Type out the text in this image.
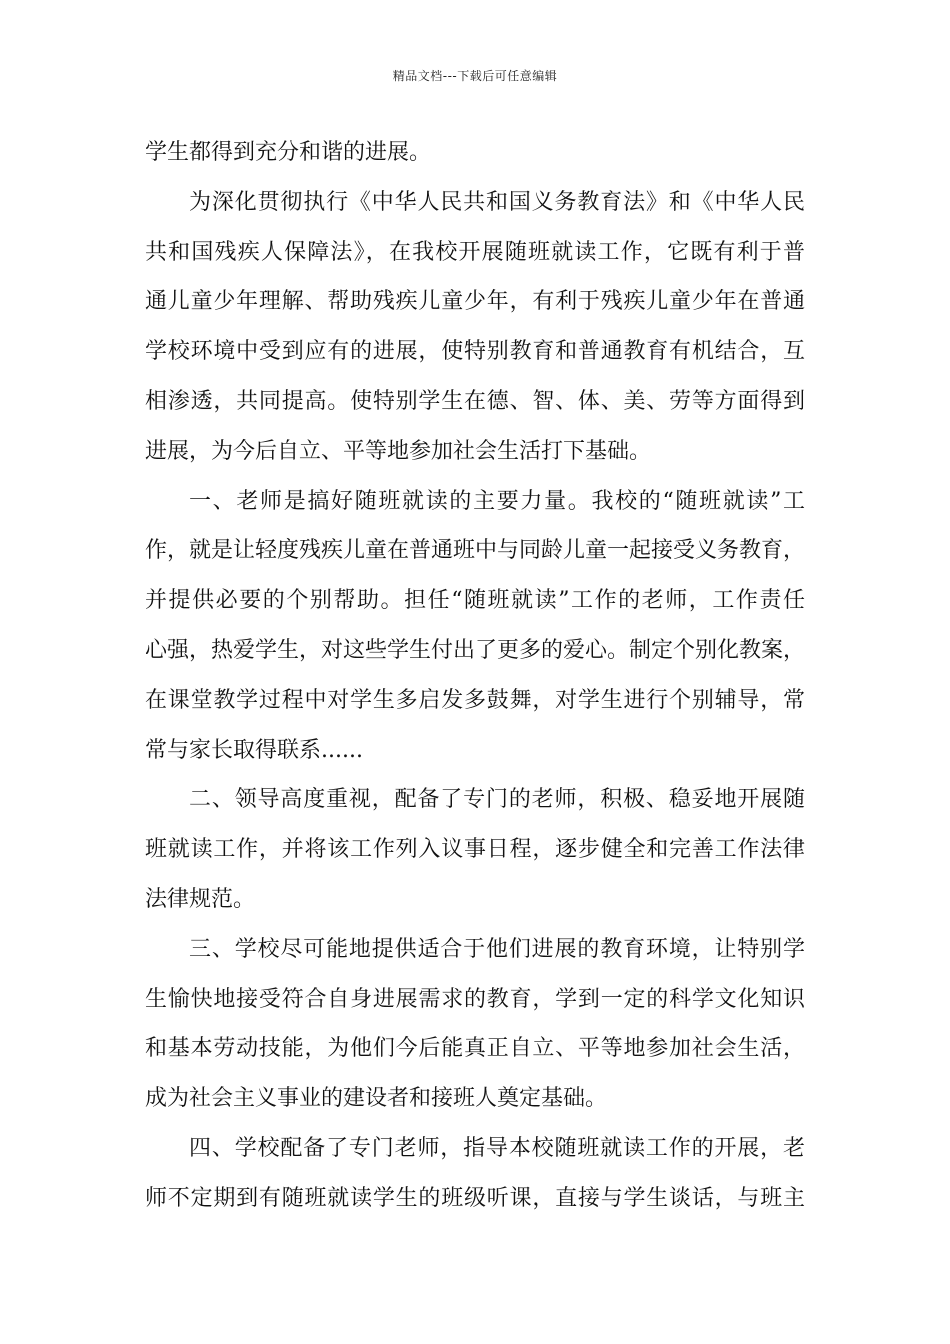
精品文档---下载后可任意编辑
学生都得到充分和谐的进展。
为深化贯彻执行《中华人民共和国义务教育法》和《中华人民
共和国残疾人保障法》，在我校开展随班就读工作，它既有利于普
通儿童少年理解、帮助残疾儿童少年，有利于残疾儿童少年在普通
学校环境中受到应有的进展，使特别教育和普通教育有机结合，互
相渗透，共同提高。使特别学生在德、智、体、美、劳等方面得到
进展，为今后自立、平等地参加社会生活打下基础。
一、老师是搞好随班就读的主要力量。我校的“随班就读”工
作，就是让轻度残疾儿童在普通班中与同龄儿童一起接受义务教育，
并提供必要的个别帮助。担任“随班就读”工作的老师，工作责任
心强，热爱学生，对这些学生付出了更多的爱心。制定个别化教案，
在课堂教学过程中对学生多启发多鼓舞，对学生进行个别辅导，常
常与家长取得联系......
二、领导高度重视，配备了专门的老师，积极、稳妥地开展随
班就读工作，并将该工作列入议事日程，逐步健全和完善工作法律
法律规范。
三、学校尽可能地提供适合于他们进展的教育环境，让特别学
生愉快地接受符合自身进展需求的教育，学到一定的科学文化知识
和基本劳动技能，为他们今后能真正自立、平等地参加社会生活，
成为社会主义事业的建设者和接班人奠定基础。
四、学校配备了专门老师，指导本校随班就读工作的开展，老
师不定期到有随班就读学生的班级听课，直接与学生谈话，与班主
